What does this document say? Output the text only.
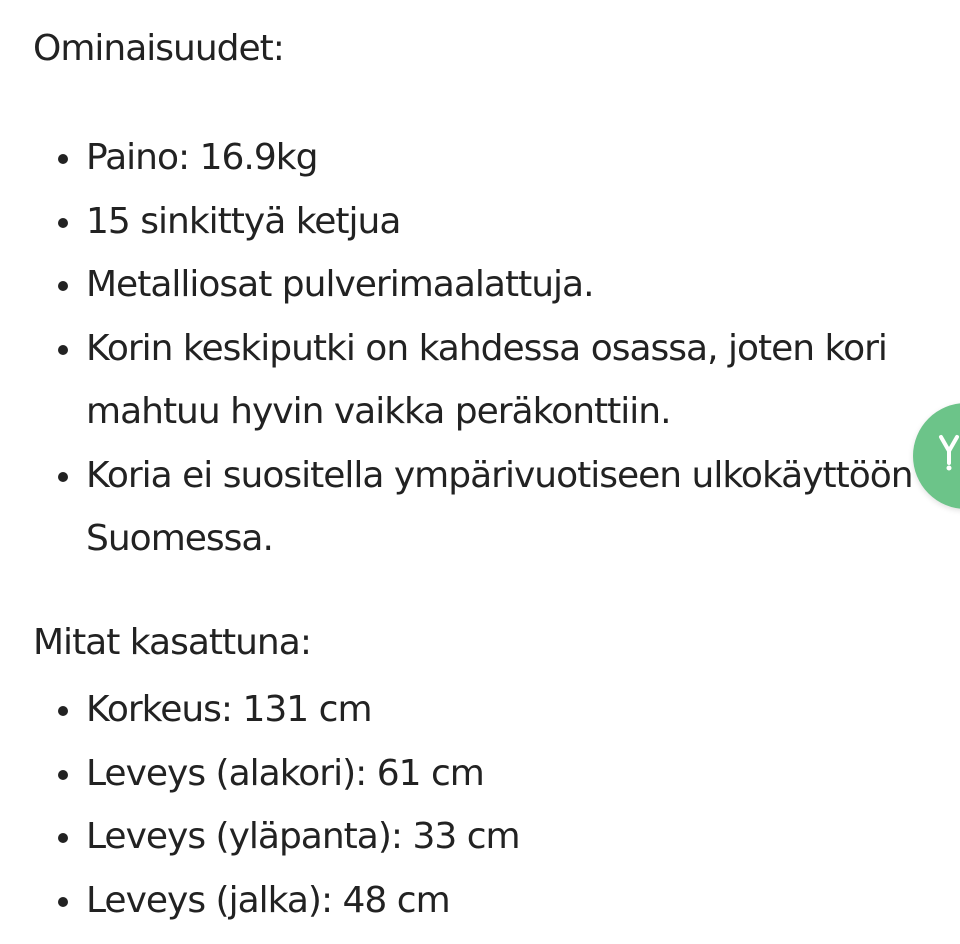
Ominaisuudet:
Paino: 16.9kg
15 sinkittyä ketjua
Metalliosat pulverimaalattuja.
Korin keskiputki on kahdessa osassa, joten kori mahtuu hyvin vaikka peräkonttiin.
Koria ei suositella ympärivuotiseen ulkokäyttöön Suomessa.
Mitat kasattuna:
Korkeus: 131 cm
Leveys (alakori): 61 cm
Leveys (yläpanta): 33 cm
Leveys (jalka): 48 cm
